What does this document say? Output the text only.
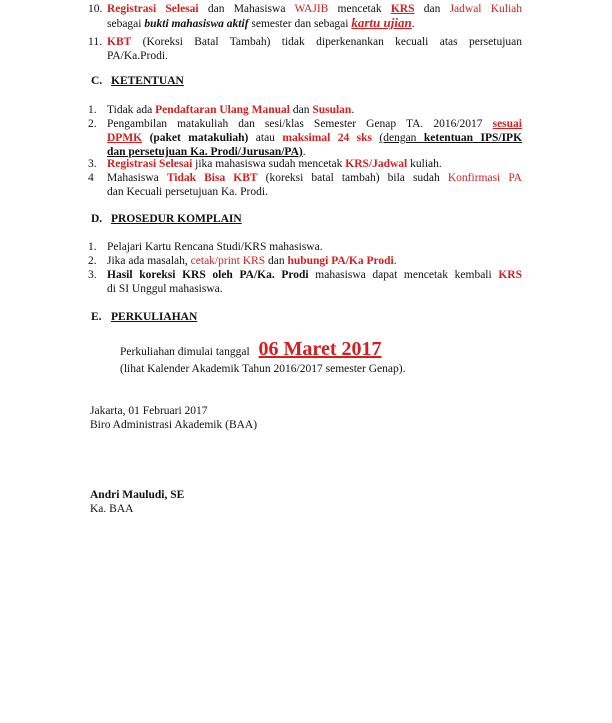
10. Registrasi Selesai dan Mahasiswa WAJIB mencetak KRS dan Jadwal Kuliah
sebagai bukti mahasiswa aktif semester dan sebagai kartu ujian.
11. KBT (Koreksi Batal Tambah) tidak diperkenankan kecuali atas persetujuan
PA/Ka.Prodi.
C. KETENTUAN
1. Tidak ada Pendaftaran Ulang Manual dan Susulan.
2. Pengambilan matakuliah dan sesi/klas Semester Genap TA. 2016/2017 sesuai
DPMK (paket matakuliah) atau maksimal 24 sks (dengan ketentuan IPS/IPK
dan persetujuan Ka. Prodi/Jurusan/PA).
3. Registrasi Selesai jika mahasiswa sudah mencetak KRS/Jadwal kuliah.
4 Mahasiswa Tidak Bisa KBT (koreksi batal tambah) bila sudah Konfirmasi PA
dan Kecuali persetujuan Ka. Prodi.
D. PROSEDUR KOMPLAIN
1. Pelajari Kartu Rencana Studi/KRS mahasiswa.
2. Jika ada masalah, cetak/print KRS dan hubungi PA/Ka Prodi.
3. Hasil koreksi KRS oleh PA/Ka. Prodi mahasiswa dapat mencetak kembali KRS
di SI Unggul mahasiswa.
E. PERKULIAHAN
Perkuliahan dimulai tanggal 06 Maret 2017
(lihat Kalender Akademik Tahun 2016/2017 semester Genap).
Jakarta, 01 Februari 2017
Biro Administrasi Akademik (BAA)
Andri Mauludi, SE
Ka. BAA
